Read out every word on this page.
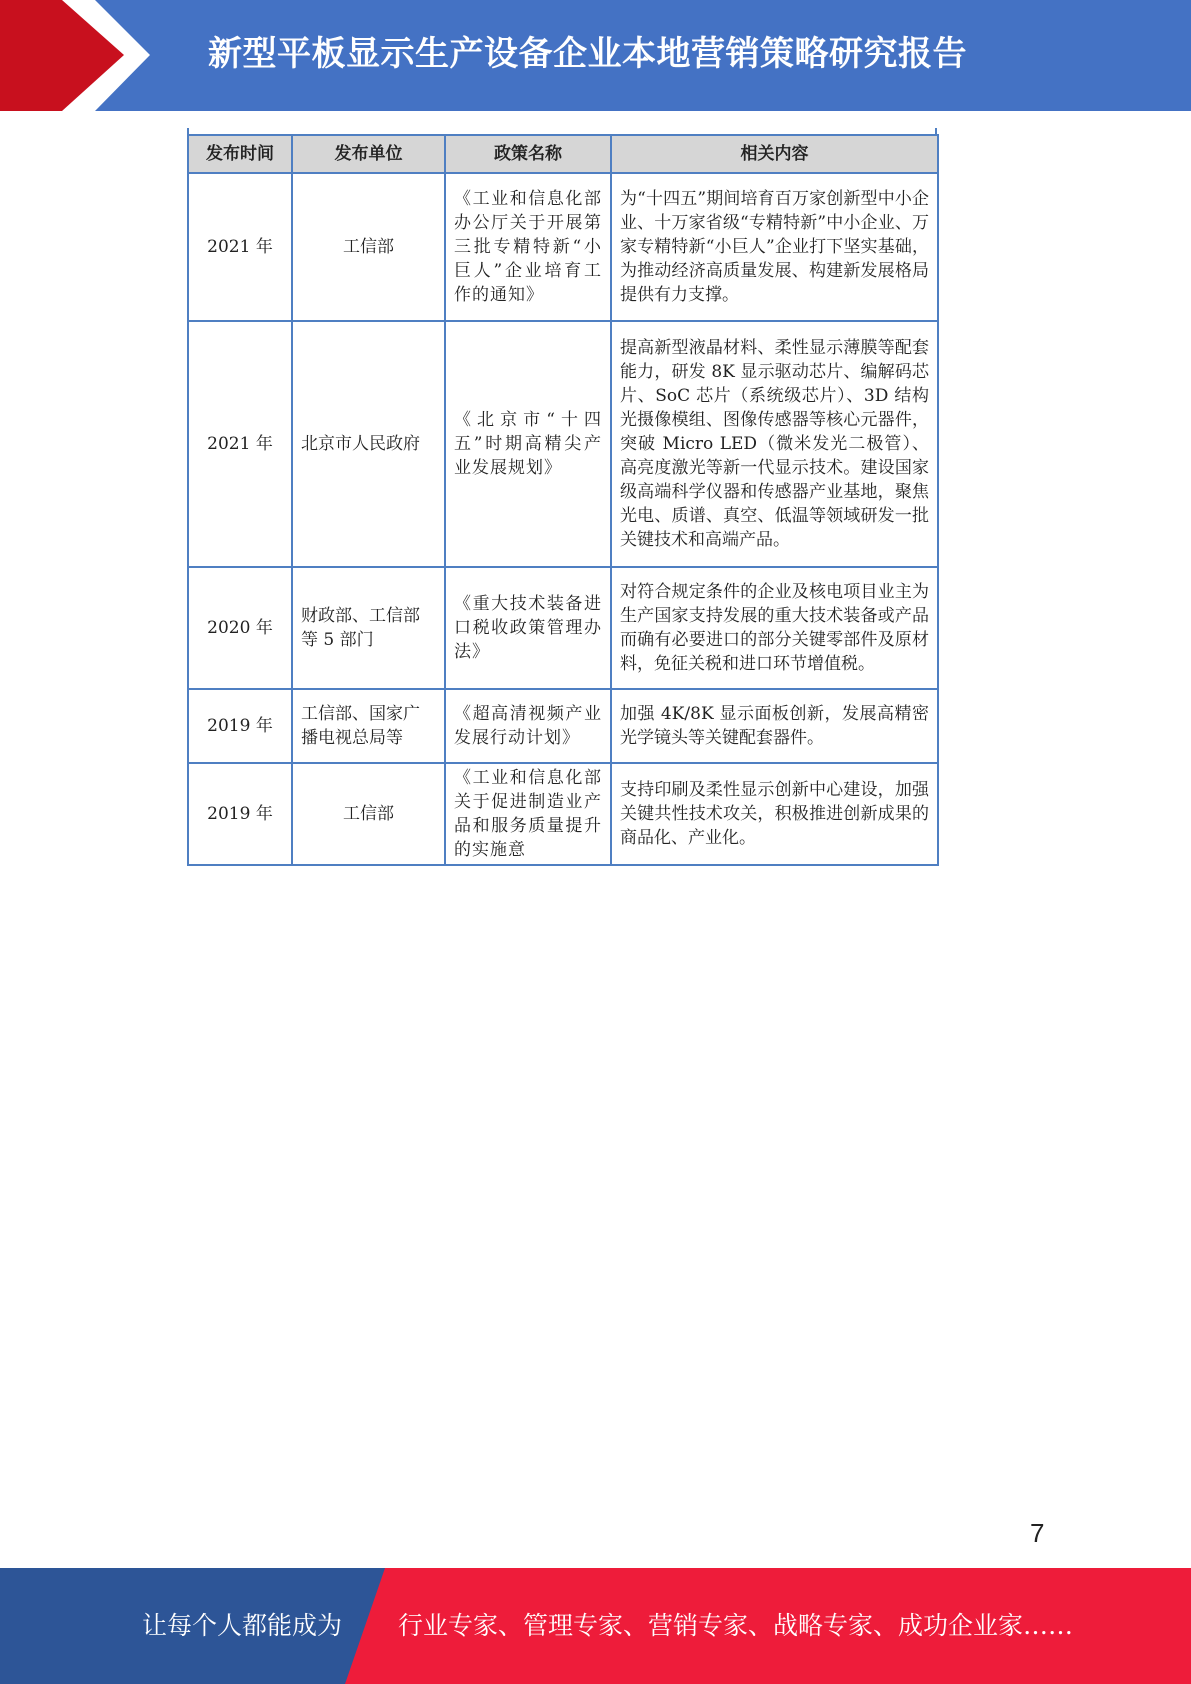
新型平板显示生产设备企业本地营销策略研究报告
发布时间	发布单位	政策名称	相关内容
2021 年	工信部	《工业和信息化部办公厅关于开展第三批专精特新“小巨人”企业培育工作的通知》	为“十四五”期间培育百万家创新型中小企业、十万家省级“专精特新”中小企业、万家专精特新“小巨人”企业打下坚实基础，为推动经济高质量发展、构建新发展格局提供有力支撑。
2021 年	北京市人民政府	《北京市“十四五”时期高精尖产业发展规划》	提高新型液晶材料、柔性显示薄膜等配套能力，研发 8K 显示驱动芯片、编解码芯片、SoC 芯片（系统级芯片）、3D 结构光摄像模组、图像传感器等核心元器件，突破 Micro LED（微米发光二极管）、高亮度激光等新一代显示技术。建设国家级高端科学仪器和传感器产业基地，聚焦光电、质谱、真空、低温等领域研发一批关键技术和高端产品。
2020 年	财政部、工信部等 5 部门	《重大技术装备进口税收政策管理办法》	对符合规定条件的企业及核电项目业主为生产国家支持发展的重大技术装备或产品而确有必要进口的部分关键零部件及原材料，免征关税和进口环节增值税。
2019 年	工信部、国家广播电视总局等	《超高清视频产业发展行动计划》	加强 4K/8K 显示面板创新，发展高精密光学镜头等关键配套器件。
2019 年	工信部	《工业和信息化部关于促进制造业产品和服务质量提升的实施意	支持印刷及柔性显示创新中心建设，加强关键共性技术攻关，积极推进创新成果的商品化、产业化。
7
让每个人都能成为 行业专家、管理专家、营销专家、战略专家、成功企业家……
